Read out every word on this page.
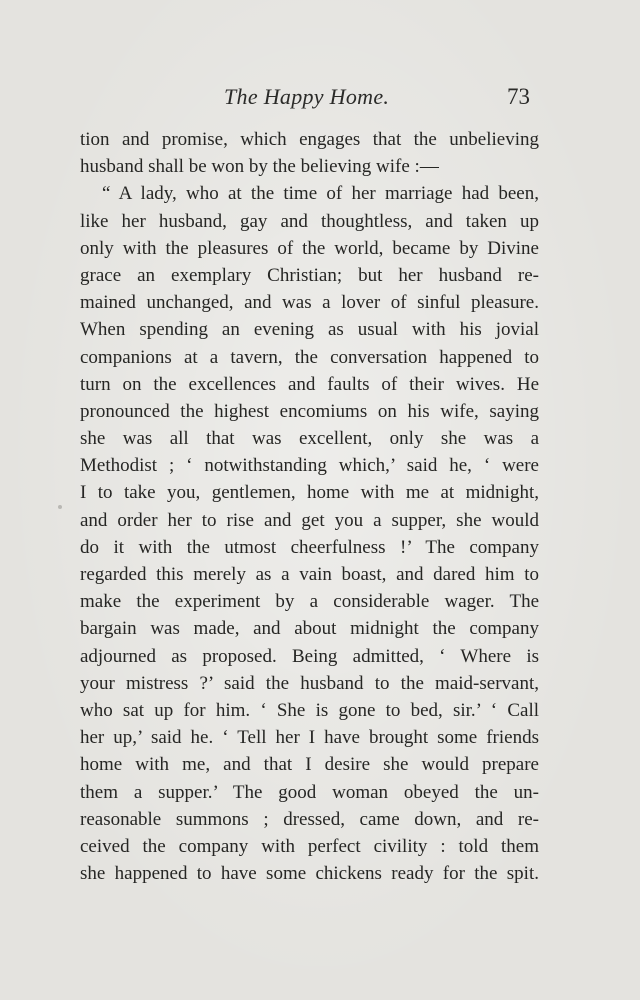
The Happy Home.	73
tion and promise, which engages that the unbelieving
husband shall be won by the believing wife :—
“ A lady, who at the time of her marriage had been,
like her husband, gay and thoughtless, and taken up
only with the pleasures of the world, became by Divine
grace an exemplary Christian; but her husband re-
mained unchanged, and was a lover of sinful pleasure.
When spending an evening as usual with his jovial
companions at a tavern, the conversation happened to
turn on the excellences and faults of their wives. He
pronounced the highest encomiums on his wife, saying
she was all that was excellent, only she was a
Methodist ; ‘ notwithstanding which,’ said he, ‘ were
I to take you, gentlemen, home with me at midnight,
and order her to rise and get you a supper, she would
do it with the utmost cheerfulness !’ The company
regarded this merely as a vain boast, and dared him to
make the experiment by a considerable wager. The
bargain was made, and about midnight the company
adjourned as proposed. Being admitted, ‘ Where is
your mistress ?’ said the husband to the maid-servant,
who sat up for him. ‘ She is gone to bed, sir.’ ‘ Call
her up,’ said he. ‘ Tell her I have brought some friends
home with me, and that I desire she would prepare
them a supper.’ The good woman obeyed the un-
reasonable summons ; dressed, came down, and re-
ceived the company with perfect civility : told them
she happened to have some chickens ready for the spit.
